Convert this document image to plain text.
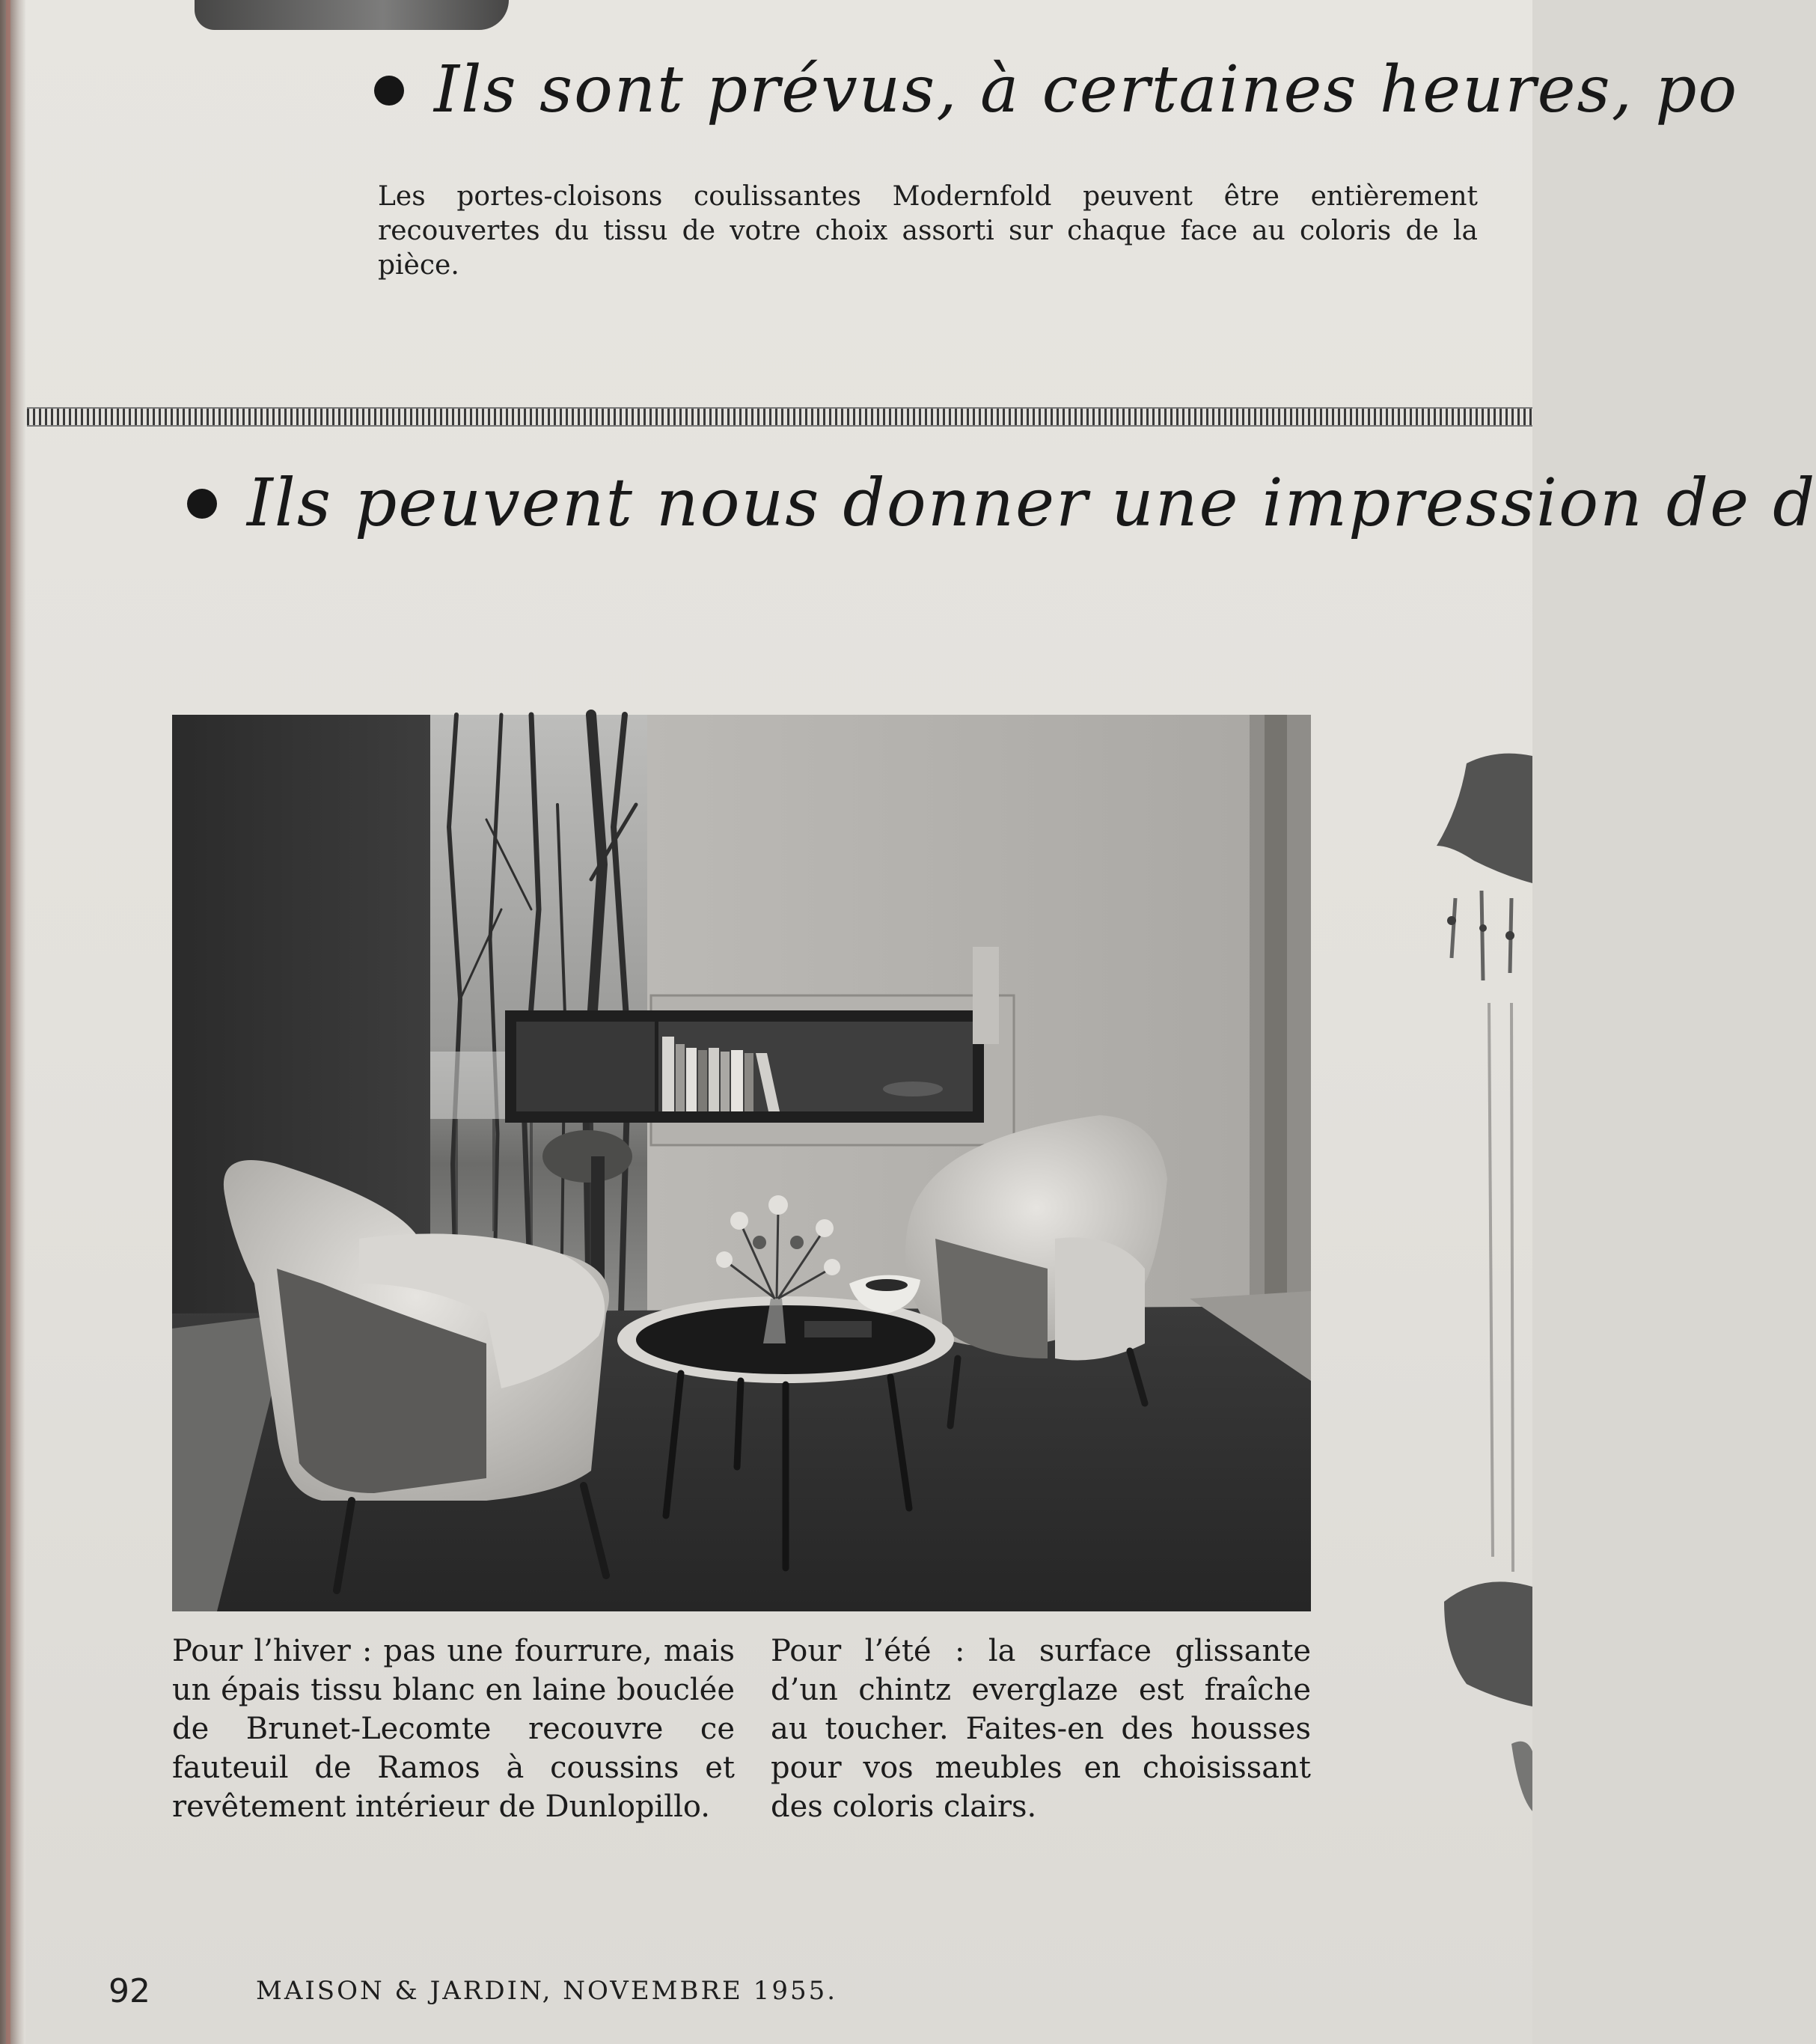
Ils sont prévus, à certaines heures, po
Les portes-cloisons coulissantes Modernfold peuvent être entièrement recouvertes du tissu de votre choix assorti sur chaque face au coloris de la pièce.
Ils peuvent nous donner une impression de d
Pour l’hiver : pas une fourrure, mais un épais tissu blanc en laine bouclée de Brunet-Lecomte recouvre ce fauteuil de Ramos à coussins et revêtement intérieur de Dunlopillo.
Pour l’été : la surface glissante d’un chintz everglaze est fraîche au toucher. Faites-en des housses pour vos meubles en choisissant des coloris clairs.
92	MAISON & JARDIN, NOVEMBRE 1955.
